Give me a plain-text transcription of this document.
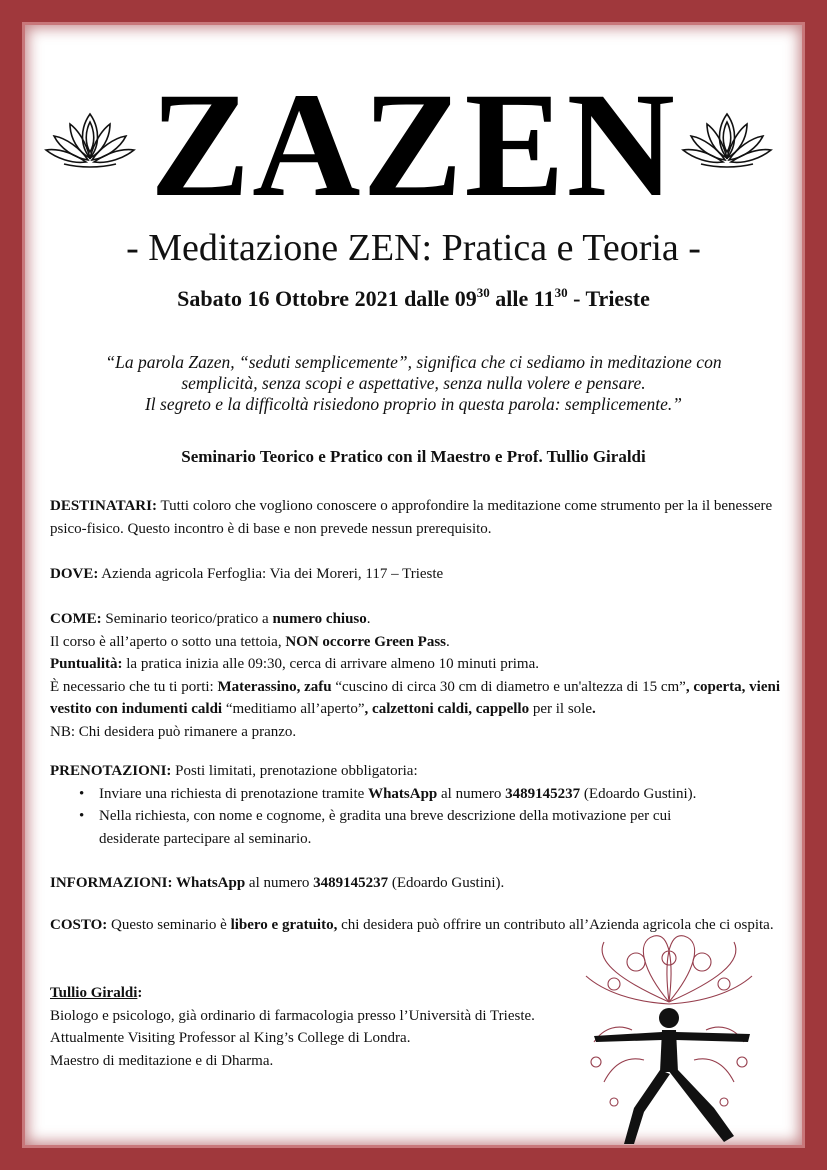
ZAZEN
- Meditazione ZEN: Pratica e Teoria -
Sabato 16 Ottobre 2021 dalle $09^{30}$ alle $11^{30}$ - Trieste
“La parola Zazen, “seduti semplicemente”, significa che ci sediamo in meditazione con
semplicità, senza scopi e aspettative, senza nulla volere e pensare.
Il segreto e la difficoltà risiedono proprio in questa parola: semplicemente.”
Seminario Teorico e Pratico con il Maestro e Prof. Tullio Giraldi

DESTINATARI: Tutti coloro che vogliono conoscere o approfondire la meditazione come strumento per la il benessere psico-fisico. Questo incontro è di base e non prevede nessun prerequisito.

DOVE: Azienda agricola Ferfoglia: Via dei Moreri, 117 – Trieste

COME: Seminario teorico/pratico a numero chiuso.

Il corso è all’aperto o sotto una tettoia, NON occorre Green Pass.

Puntualità: la pratica inizia alle 09:30, cerca di arrivare almeno 10 minuti prima.

È necessario che tu ti porti: Materassino, zafu “cuscino di circa 30 cm di diametro e un'altezza di 15 cm”, coperta, vieni vestito con indumenti caldi “meditiamo all’aperto”, calzettoni caldi, cappello per il sole.

NB: Chi desidera può rimanere a pranzo.

PRENOTAZIONI: Posti limitati, prenotazione obbligatoria:

• Inviare una richiesta di prenotazione tramite WhatsApp al numero 3489145237 (Edoardo Gustini).
• Nella richiesta, con nome e cognome, è gradita una breve descrizione della motivazione per cui desiderate partecipare al seminario.

INFORMAZIONI: WhatsApp al numero 3489145237 (Edoardo Gustini).

COSTO: Questo seminario è libero e gratuito, chi desidera può offrire un contributo all’Azienda agricola che ci ospita.

Tullio Giraldi:

Biologo e psicologo, già ordinario di farmacologia presso l’Università di Trieste.

Attualmente Visiting Professor al King’s College di Londra.

Maestro di meditazione e di Dharma.
